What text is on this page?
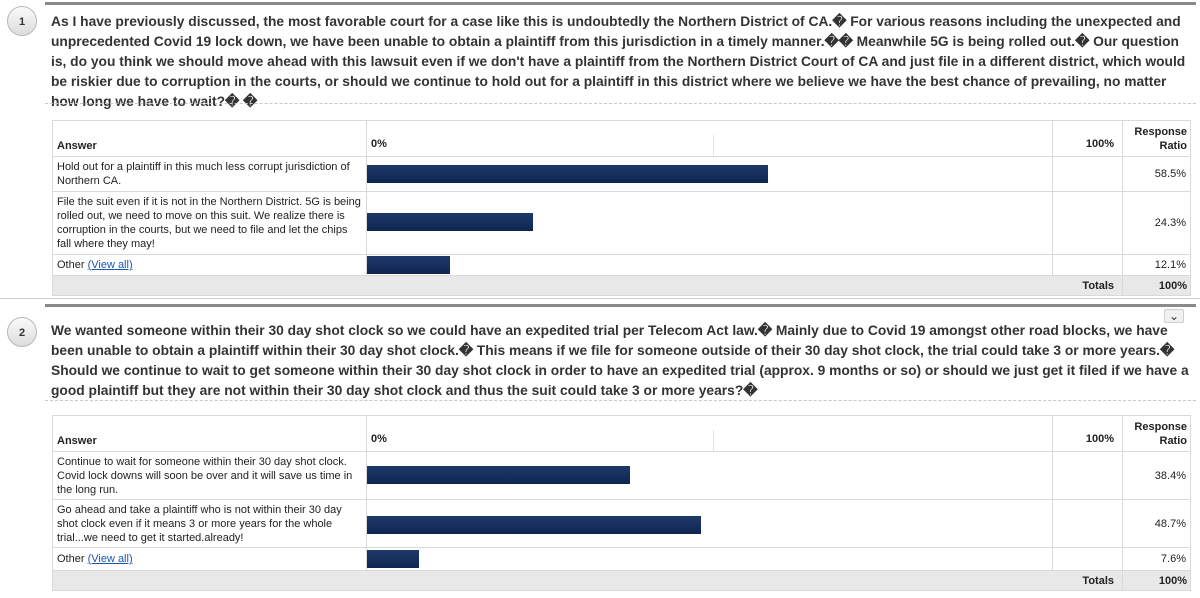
1	As I have previously discussed, the most favorable court for a case like this is undoubtedly the Northern District of CA.� For various reasons including the unexpected and unprecedented Covid 19 lock down, we have been unable to obtain a plaintiff from this jurisdiction in a timely manner.�� Meanwhile 5G is being rolled out.� Our question is, do you think we should move ahead with this lawsuit even if we don't have a plaintiff from the Northern District Court of CA and just file in a different district, which would be riskier due to corruption in the courts, or should we continue to hold out for a plaintiff in this district where we believe we have the best chance of prevailing, no matter how long we have to wait?� �
Answer	0%	100%	Response
Ratio
Hold out for a plaintiff in this much less corrupt jurisdiction of Northern CA.			58.5%
File the suit even if it is not in the Northern District. 5G is being rolled out, we need to move on this suit. We realize there is corruption in the courts, but we need to file and let the chips fall where they may!			24.3%
Other (View all)			12.1%
Totals			100%
⌄
2	We wanted someone within their 30 day shot clock so we could have an expedited trial per Telecom Act law.� Mainly due to Covid 19 amongst other road blocks, we have been unable to obtain a plaintiff within their 30 day shot clock.� This means if we file for someone outside of their 30 day shot clock, the trial could take 3 or more years.� Should we continue to wait to get someone within their 30 day shot clock in order to have an expedited trial (approx. 9 months or so) or should we just get it filed if we have a good plaintiff but they are not within their 30 day shot clock and thus the suit could take 3 or more years?�
Answer	0%	100%	Response
Ratio
Continue to wait for someone within their 30 day shot clock. Covid lock downs will soon be over and it will save us time in the long run.			38.4%
Go ahead and take a plaintiff who is not within their 30 day shot clock even if it means 3 or more years for the whole trial...we need to get it started.already!			48.7%
Other (View all)			7.6%
Totals			100%
